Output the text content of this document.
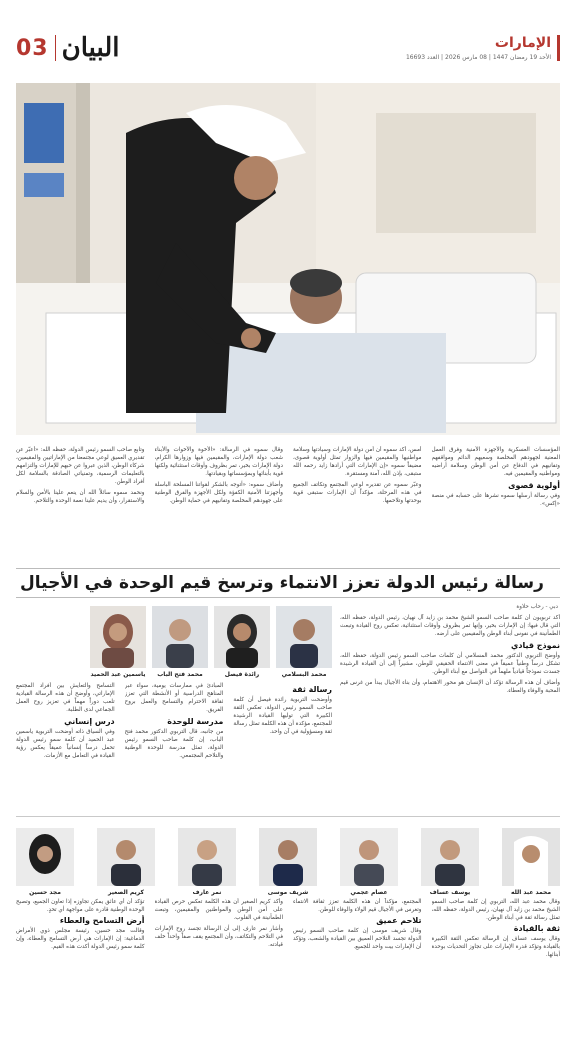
03 البيان	الإمارات
الأحد 19 رمضان 1447 | 08 مارس 2026 | العدد 16693

المؤسسات العسكرية والأجهزة الأمنية وفرق العمل المعنية لجهودهم المخلصة وسعيهم الدائم ومواقفهم وتفانيهم في الدفاع عن أمن الوطن وسلامة أراضيه ومواطنيه والمقيمين فيه.

أولوية قصوى

وفي رسالة أرسلها سموه نشرها على حسابه في منصة «إكس».

أمس، أكد سموه أن أمن دولة الإمارات وسيادتها وسلامة مواطنيها والمقيمين فيها والزوار تمثل أولوية قصوى، مضيفاً سموه «إن الإمارات التي أرادها زايد رحمه الله ستبقى، بإذن الله، آمنة ومستقرة.

وعبّر سموه عن تقديره لوعي المجتمع وتكاتف الجميع في هذه المرحلة، مؤكداً أن الإمارات ستبقى قوية بوحدتها وتلاحمها.

وقال سموه في الرسالة: «الأخوة والأخوات والأبناء شعب دولة الإمارات، والمقيمين فيها وزوارها الكرام، دولة الإمارات بخير، تمر بظروف وأوقات استثنائية ولكنها قوية بأبنائها وبمؤسساتها وبقيادتها.

وأضاف سموه: «أتوجه بالشكر لقواتنا المسلحة الباسلة وأجهزتنا الأمنية الكفؤة ولكل الأجهزة والفرق الوطنية على جهودهم المخلصة وتفانيهم في حماية الوطن.

وتابع صاحب السمو رئيس الدولة، حفظه الله: «أعبّر عن تقديري العميق لوعي مجتمعنا من الإماراتيين والمقيمين، شركاء الوطن، الذين عبروا عن حبهم للإمارات والتزامهم بالتعليمات الرسمية، وتمنياتي الصادقة بالسلامة لكل أفراد الوطن.

ونحمد سموه سائلاً الله أن ينعم علينا بالأمن والسلام والاستقرار، وأن يديم علينا نعمة الوحدة والتلاحم.

رسالة رئيس الدولة تعزز الانتماء وترسخ قيم الوحدة في الأجيال
دبي - رحاب حلاوة

أكد تربويون أن كلمة صاحب السمو الشيخ محمد بن زايد آل نهيان، رئيس الدولة، حفظه الله، التي قال فيها: إن الإمارات بخير، وإنها تمر بظروف وأوقات استثنائية، تعكس روح القيادة وتبعث الطمأنينة في نفوس أبناء الوطن والمقيمين على أرضه.

نموذج قيادي

وأوضح التربوي الدكتور محمد المسلامي أن كلمات صاحب السمو رئيس الدولة، حفظه الله، تشكل درساً وطنياً عميقاً في معنى الانتماء الحقيقي للوطن، مشيراً إلى أن القيادة الرشيدة جسدت نموذجاً قيادياً ملهماً في التواصل مع أبناء الوطن.

وأضاف أن هذه الرسالة تؤكد أن الإنسان هو محور الاهتمام، وأن بناء الأجيال يبدأ من غرس قيم المحبة والوفاء والعطاء.

محمد البسلامي
رائدة فيصل
محمد فتح الباب
ياسمين عبد الحميد
رسالة ثقة

وأوضحت التربوية رائدة فيصل أن كلمة صاحب السمو رئيس الدولة، تعكس الثقة الكبيرة التي توليها القيادة الرشيدة للمجتمع، مؤكدة أن هذه الكلمة تمثل رسالة ثقة ومسؤولية في آن واحد.

المبادئ في ممارسات يومية، سواء عبر المناهج الدراسية أو الأنشطة التي تعزز ثقافة الاحترام والتسامح والعمل بروح الفريق.

مدرسة للوحدة

من جانبه، قال التربوي الدكتور محمد فتح الباب، إن كلمة صاحب السمو رئيس الدولة، تمثل مدرسة للوحدة الوطنية والتلاحم المجتمعي.

التسامح والتعايش بين أفراد المجتمع الإماراتي، وأوضح أن هذه الرسالة القيادية تلعب دوراً مهماً في تعزيز روح العمل الجماعي لدى الطلبة.

درس إنساني

وفي السياق ذاته أوضحت التربوية ياسمين عبد الحميد أن كلمة سمو رئيس الدولة تحمل درساً إنسانياً عميقاً يعكس رؤية القيادة في التعامل مع الأزمات.

محمد عبد الله
يوسف عساف
عصام عجمي
شريف موسى
نمر عارف
كريم الصغير
مجد حسين

وقال محمد عبد الله، التربوي إن كلمة صاحب السمو الشيخ محمد بن زايد آل نهيان، رئيس الدولة، حفظه الله، تمثل رسالة ثقة في أبناء الوطن.

ثقة بالقيادة

وقال يوسف عساف إن الرسالة تعكس الثقة الكبيرة بالقيادة وتؤكد قدرة الإمارات على تجاوز التحديات بوحدة أبنائها.

المجتمع، مؤكداً أن هذه الكلمة تعزز ثقافة الانتماء وتغرس في الأجيال قيم الولاء والوفاء للوطن.

تلاحم عميق

وقال شريف موسى إن كلمة صاحب السمو رئيس الدولة تجسد التلاحم العميق بين القيادة والشعب، وتؤكد أن الإمارات بيت واحد للجميع.

وأكد كريم الصغير أن هذه الكلمة تعكس حرص القيادة على أمن الوطن والمواطنين والمقيمين، وتبعث الطمأنينة في القلوب.

وأشار نمر عارف إلى أن الرسالة تجسد روح الإمارات في التلاحم والتكاتف، وأن المجتمع يقف صفاً واحداً خلف قيادته.

تؤكد أن أي عائق يمكن تجاوزه إذا تعاون الجميع، وتصبح الوحدة الوطنية قادرة على مواجهة أي تحدٍ.

أرض التسامح والعطاء

وقالت مجد حسين، رئيسة مجلس ذوي الأمراض الدماغية: إن الإمارات هي أرض التسامح والعطاء، وإن كلمة سمو رئيس الدولة أكدت هذه القيم.
